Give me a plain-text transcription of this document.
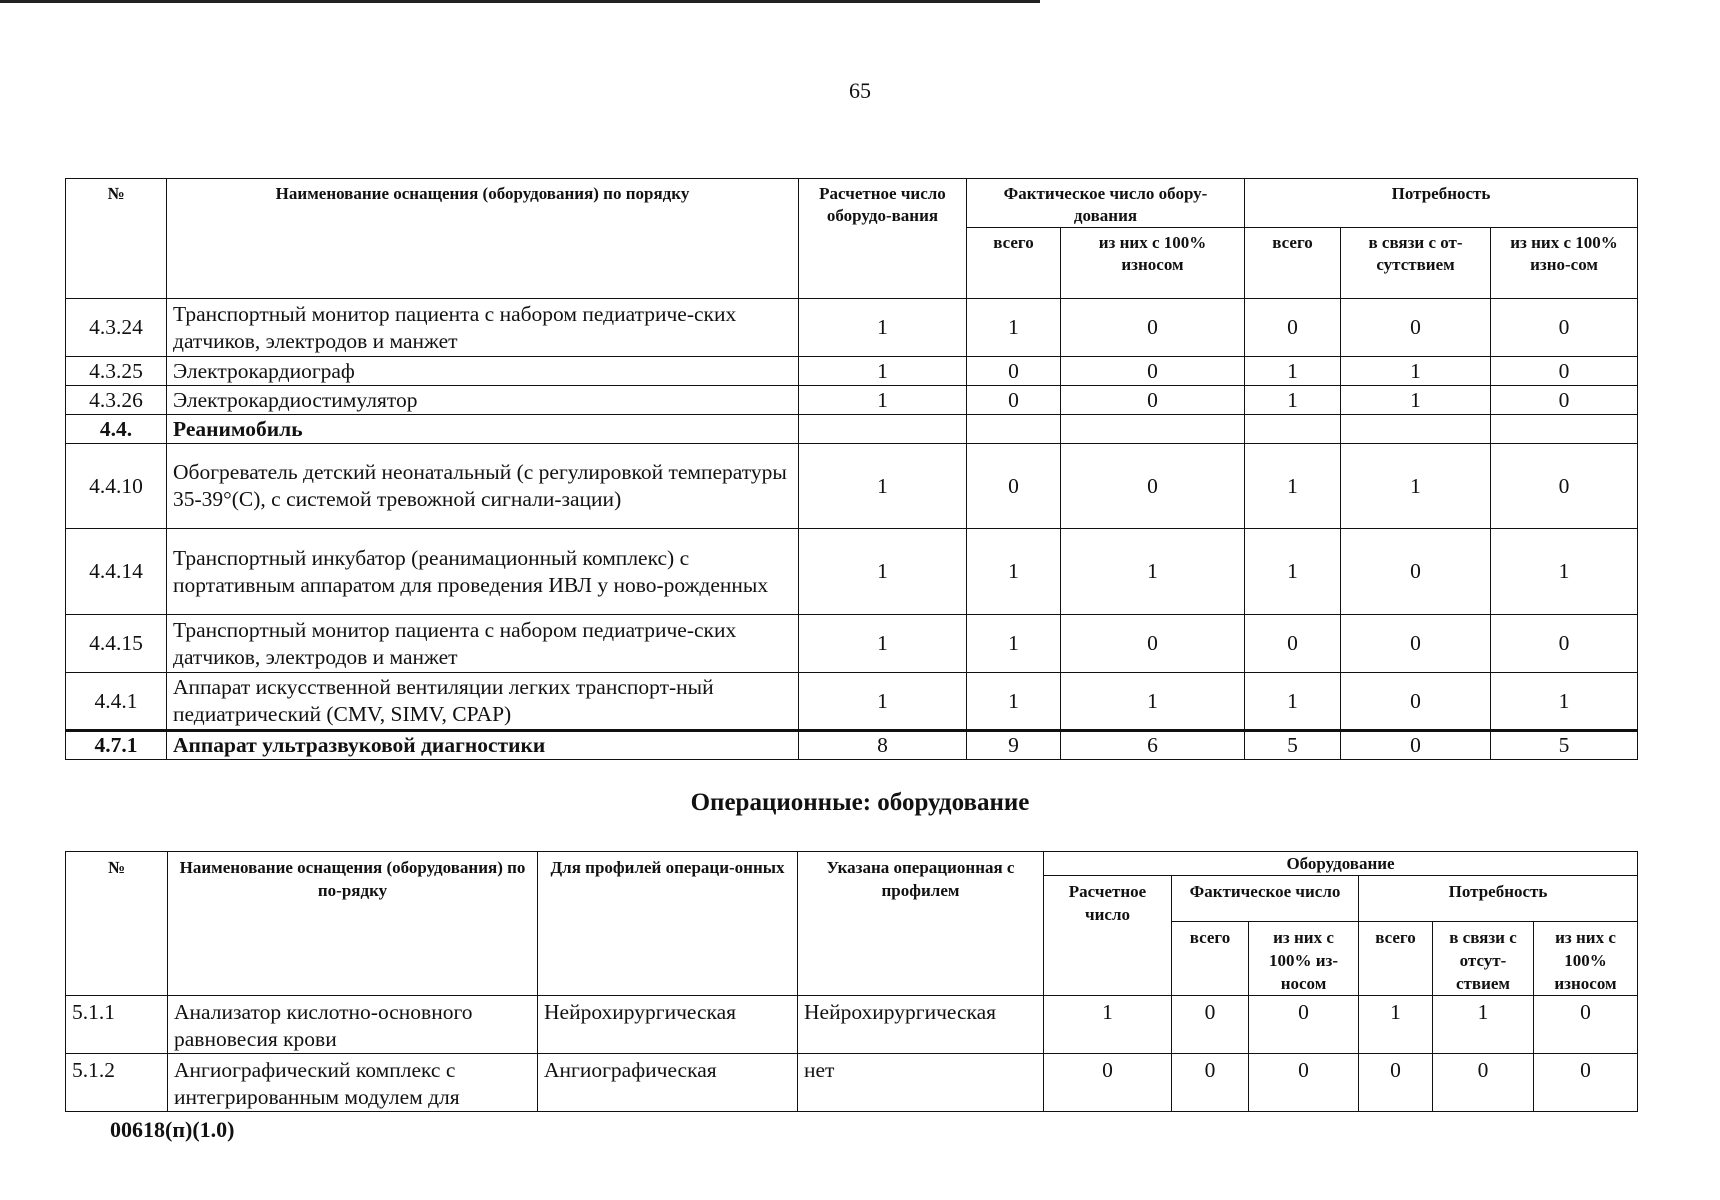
65
№	Наименование оснащения (оборудования) по порядку	Расчетное число оборудо-вания	Фактическое число обору-дования		Потребность		
			всего	из них с 100% износом	всего	в связи с от-сутствием	из них с 100% изно-сом
4.3.24	Транспортный монитор пациента с набором педиатриче-ских датчиков, электродов и манжет	1	1	0	0	0	0
4.3.25	Электрокардиограф	1	0	0	1	1	0
4.3.26	Электрокардиостимулятор	1	0	0	1	1	0
4.4.	Реанимобиль						
4.4.10	Обогреватель детский неонатальный (с регулировкой температуры 35-39°(С), с системой тревожной сигнали-зации)	1	0	0	1	1	0
4.4.14	Транспортный инкубатор (реанимационный комплекс) с портативным аппаратом для проведения ИВЛ у ново-рожденных	1	1	1	1	0	1
4.4.15	Транспортный монитор пациента с набором педиатриче-ских датчиков, электродов и манжет	1	1	0	0	0	0
4.4.1	Аппарат искусственной вентиляции легких транспорт-ный педиатрический (CMV, SIMV, CPAP)	1	1	1	1	0	1
4.7.1	Аппарат ультразвуковой диагностики	8	9	6	5	0	5
Операционные: оборудование
№	Наименование оснащения (оборудования) по по-рядку	Для профилей операци-онных	Указана операционная с профилем	Оборудование					
				Расчетное число	Фактическое число		Потребность		
					всего	из них с 100% из-носом	всего	в связи с отсут-ствием	из них с 100% износом
5.1.1	Анализатор кислотно-основного равновесия крови	Нейрохирургическая	Нейрохирургическая	1	0	0	1	1	0
5.1.2	Ангиографический комплекс с интегрированным модулем для	Ангиографическая	нет	0	0	0	0	0	0
00618(п)(1.0)
